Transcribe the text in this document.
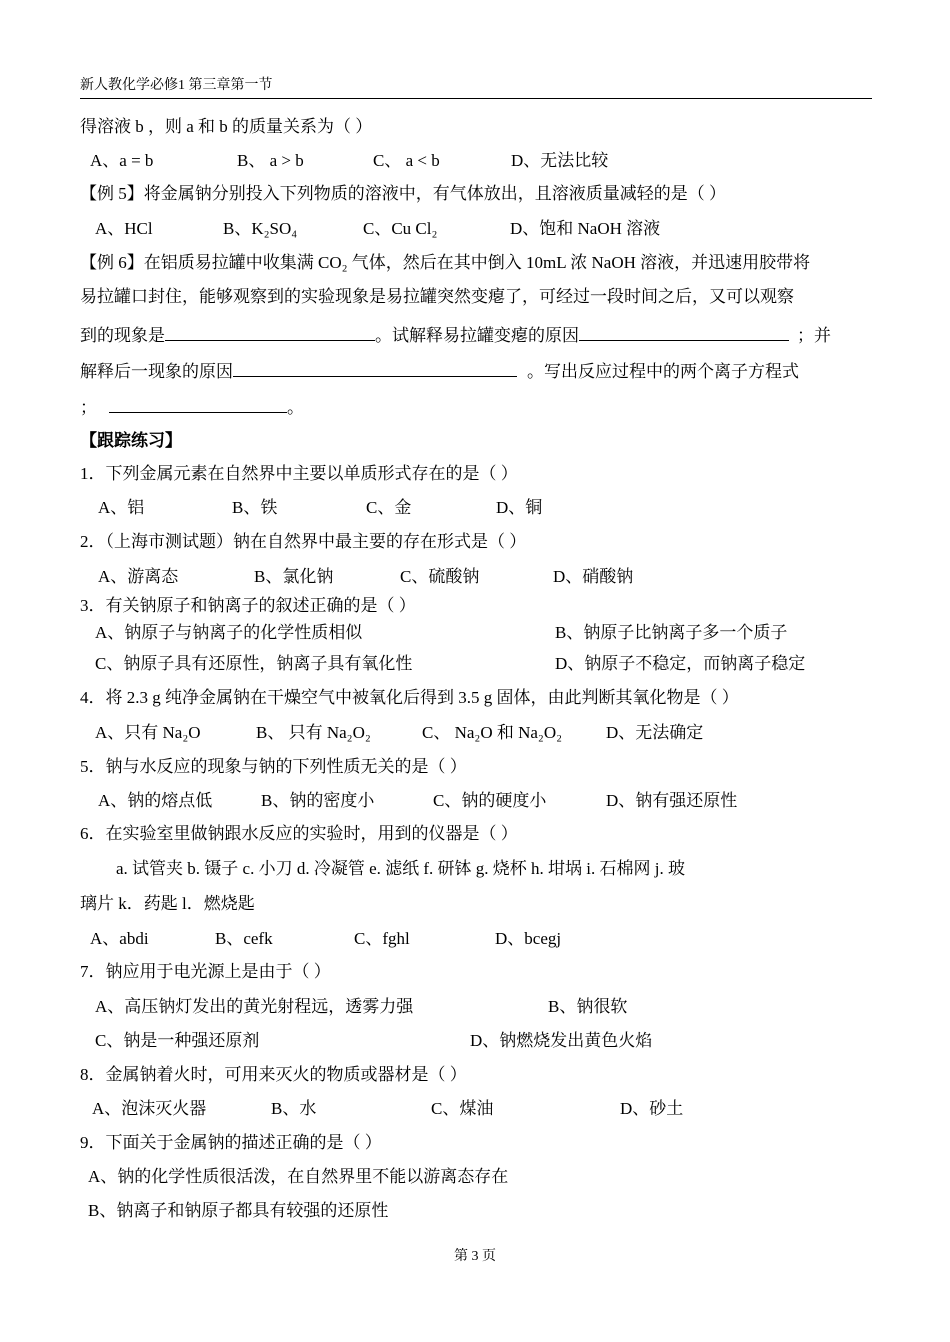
新人教化学必修1 第三章第一节
得溶液 b ，则 a 和 b 的质量关系为（ ）
A、a = b	B、 a > b	C、 a < b	D、无法比较
【例 5】将金属钠分别投入下列物质的溶液中，有气体放出，且溶液质量减轻的是（ ）
A、HCl	B、K₂SO₄	C、Cu Cl₂	D、饱和 NaOH 溶液
【例 6】在铝质易拉罐中收集满 CO₂ 气体，然后在其中倒入 10mL 浓 NaOH 溶液，并迅速用胶带将
易拉罐口封住，能够观察到的实验现象是易拉罐突然变瘪了，可经过一段时间之后，又可以观察
到的现象是	。试解释易拉罐变瘪的原因	；并
解释后一现象的原因	。写出反应过程中的两个离子方程式
；	。
【跟踪练习】
1．下列金属元素在自然界中主要以单质形式存在的是（ ）
A、铝	B、铁	C、金	D、铜
2．（上海市测试题）钠在自然界中最主要的存在形式是（ ）
A、游离态	B、氯化钠	C、硫酸钠	D、硝酸钠
3．有关钠原子和钠离子的叙述正确的是（ ）
A、钠原子与钠离子的化学性质相似	B、钠原子比钠离子多一个质子
C、钠原子具有还原性，钠离子具有氧化性	D、钠原子不稳定，而钠离子稳定
4．将 2.3 g 纯净金属钠在干燥空气中被氧化后得到 3.5 g 固体，由此判断其氧化物是（ ）
A、只有 Na₂O	B、 只有 Na₂O₂	C、 Na₂O 和 Na₂O₂	D、无法确定
5．钠与水反应的现象与钠的下列性质无关的是（ ）
A、钠的熔点低	B、钠的密度小	C、钠的硬度小	D、钠有强还原性
6．在实验室里做钠跟水反应的实验时，用到的仪器是（ ）
a. 试管夹 b. 镊子 c. 小刀 d. 冷凝管 e. 滤纸 f. 研钵 g. 烧杯 h. 坩埚 i. 石棉网 j. 玻
璃片 k．药匙 l．燃烧匙
A、abdi	B、cefk	C、fghl	D、bcegj
7．钠应用于电光源上是由于（ ）
A、高压钠灯发出的黄光射程远，透雾力强	B、钠很软
C、钠是一种强还原剂	D、钠燃烧发出黄色火焰
8．金属钠着火时，可用来灭火的物质或器材是（ ）
A、泡沫灭火器	B、水	C、煤油	D、砂土
9．下面关于金属钠的描述正确的是（ ）
A、钠的化学性质很活泼，在自然界里不能以游离态存在
B、钠离子和钠原子都具有较强的还原性
第 3 页
